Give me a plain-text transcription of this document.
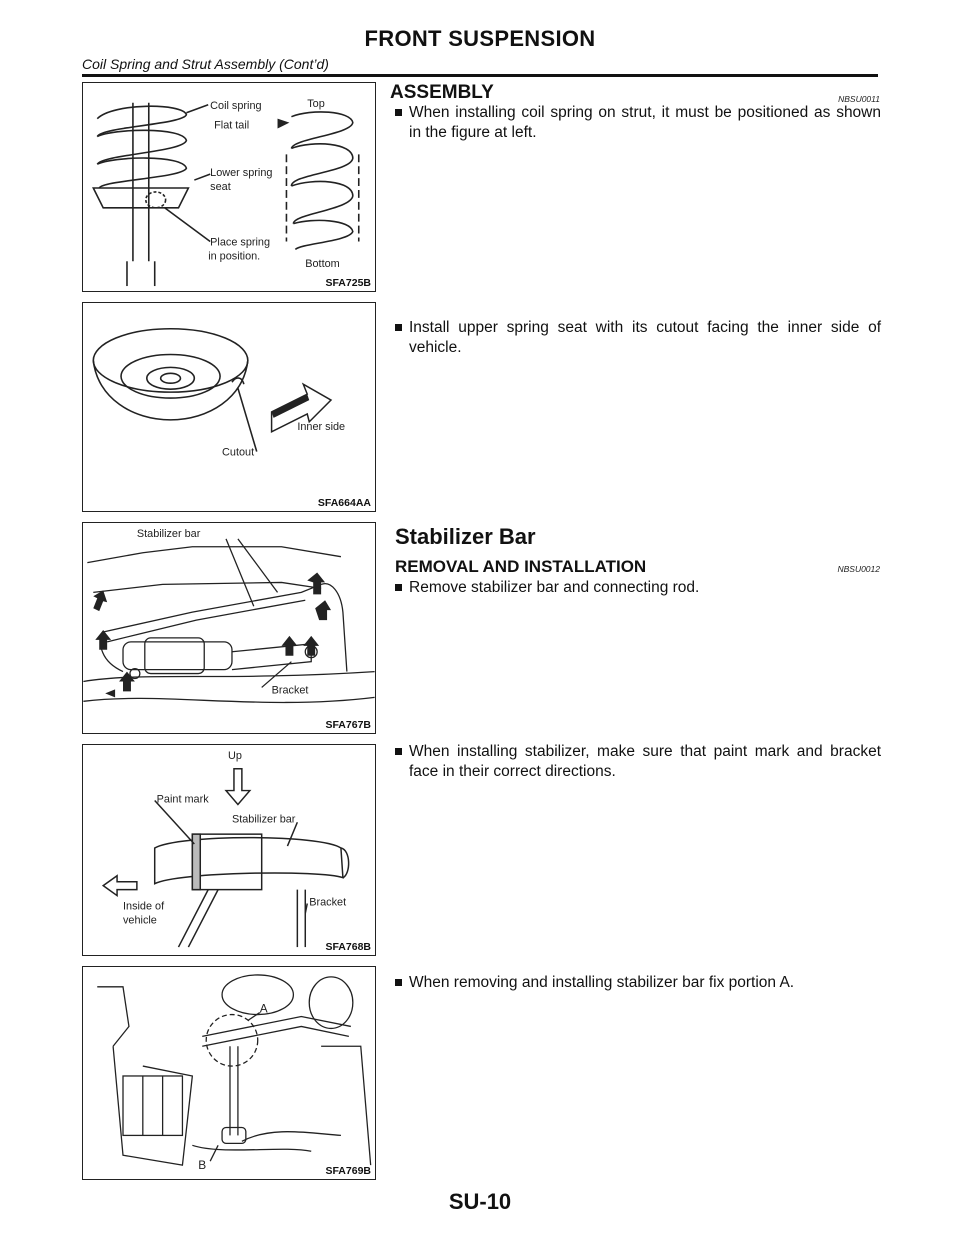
FRONT SUSPENSION
Coil Spring and Strut Assembly (Cont’d)
Coil spring
Flat tail
Top
Lower spring
seat
Place spring
in position.
Bottom
SFA725B
ASSEMBLY	NBSU0011
When installing coil spring on strut, it must be positioned as shown in the figure at left.
Inner side
Cutout
SFA664AA
Install upper spring seat with its cutout facing the inner side of vehicle.
Stabilizer bar
Bracket
SFA767B
Stabilizer Bar
REMOVAL AND INSTALLATION	NBSU0012
Remove stabilizer bar and connecting rod.
Up
Paint mark
Stabilizer bar
Inside of
vehicle
Bracket
SFA768B
When installing stabilizer, make sure that paint mark and bracket face in their correct directions.
A
B	SFA769B
When removing and installing stabilizer bar fix portion A.
SU-10
